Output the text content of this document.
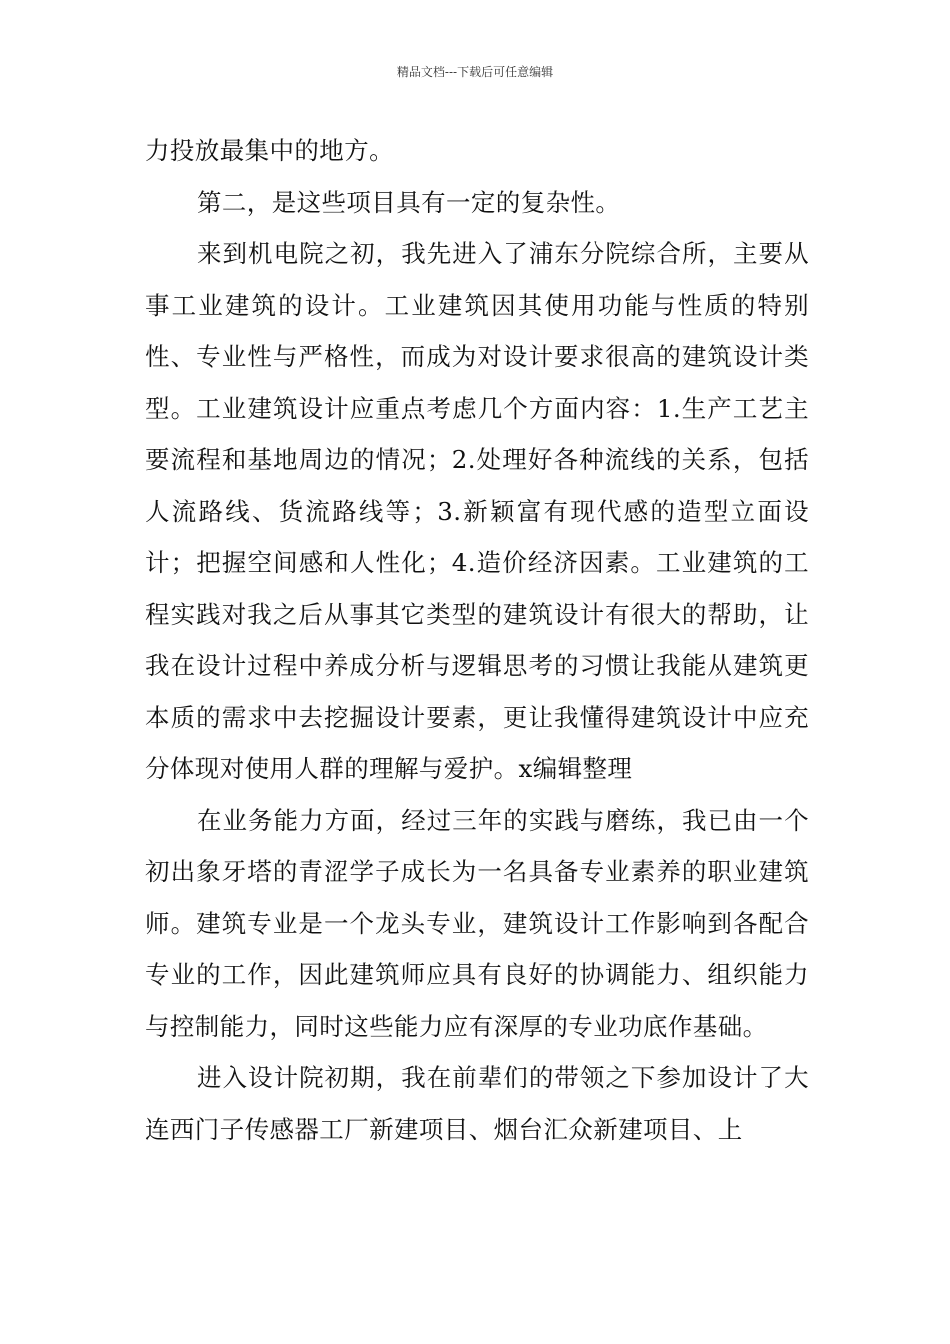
精品文档---下载后可任意编辑

力投放最集中的地方。

第二，是这些项目具有一定的复杂性。

来到机电院之初，我先进入了浦东分院综合所，主要从事工业建筑的设计。工业建筑因其使用功能与性质的特别性、专业性与严格性，而成为对设计要求很高的建筑设计类型。工业建筑设计应重点考虑几个方面内容：1.生产工艺主要流程和基地周边的情况；2.处理好各种流线的关系，包括人流路线、货流路线等；3.新颖富有现代感的造型立面设计；把握空间感和人性化；4.造价经济因素。工业建筑的工程实践对我之后从事其它类型的建筑设计有很大的帮助，让我在设计过程中养成分析与逻辑思考的习惯让我能从建筑更本质的需求中去挖掘设计要素，更让我懂得建筑设计中应充分体现对使用人群的理解与爱护。x编辑整理

在业务能力方面，经过三年的实践与磨练，我已由一个初出象牙塔的青涩学子成长为一名具备专业素养的职业建筑师。建筑专业是一个龙头专业，建筑设计工作影响到各配合专业的工作，因此建筑师应具有良好的协调能力、组织能力与控制能力，同时这些能力应有深厚的专业功底作基础。

进入设计院初期，我在前辈们的带领之下参加设计了大连西门子传感器工厂新建项目、烟台汇众新建项目、上
